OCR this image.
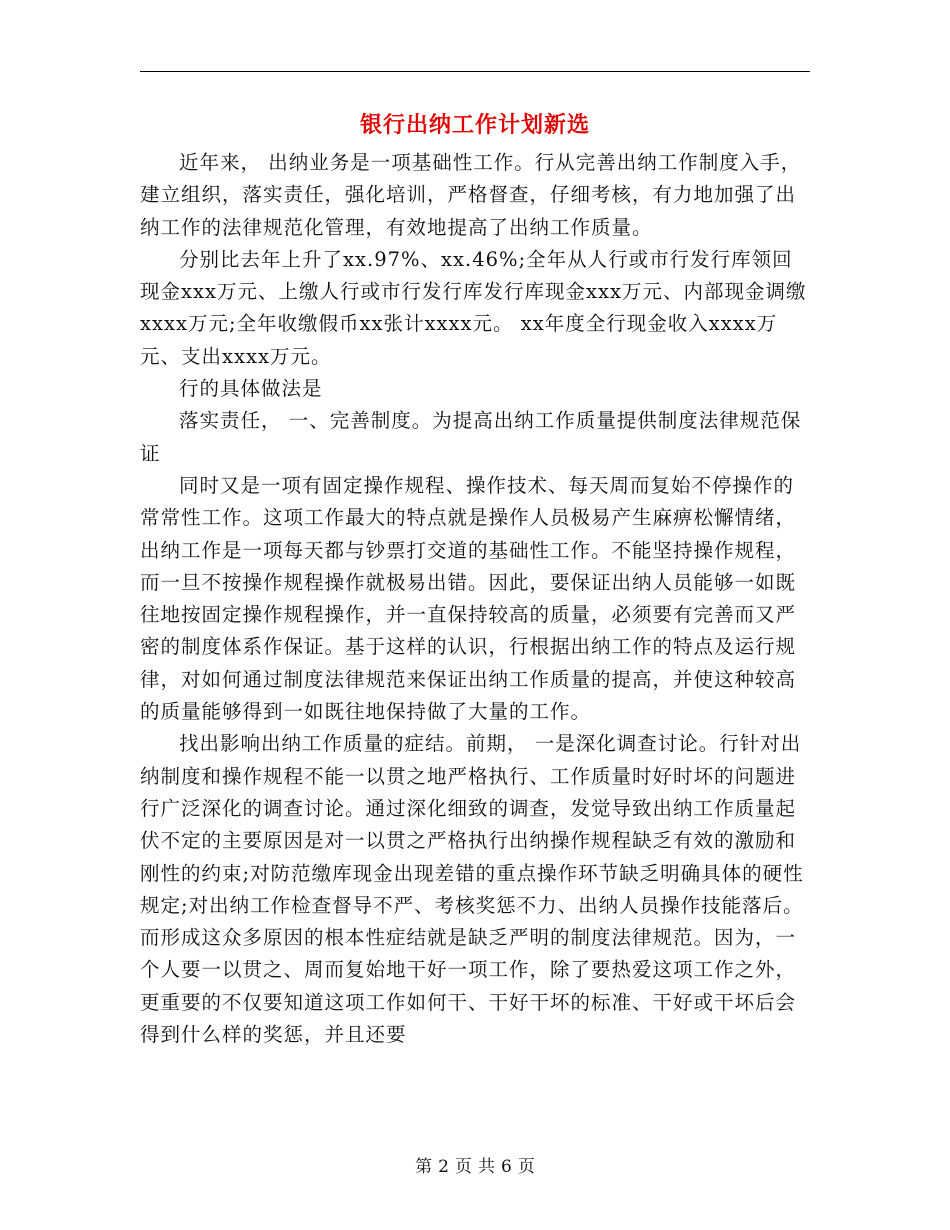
银行出纳工作计划新选

近年来， 出纳业务是一项基础性工作。行从完善出纳工作制度入手，建立组织，落实责任，强化培训，严格督查，仔细考核，有力地加强了出纳工作的法律规范化管理，有效地提高了出纳工作质量。

分别比去年上升了xx.97%、xx.46%;全年从人行或市行发行库领回现金xxx万元、上缴人行或市行发行库发行库现金xxx万元、内部现金调缴xxxx万元;全年收缴假币xx张计xxxx元。 xx年度全行现金收入xxxx万元、支出xxxx万元。

行的具体做法是

落实责任， 一、完善制度。为提高出纳工作质量提供制度法律规范保证

同时又是一项有固定操作规程、操作技术、每天周而复始不停操作的常常性工作。这项工作最大的特点就是操作人员极易产生麻痹松懈情绪， 出纳工作是一项每天都与钞票打交道的基础性工作。不能坚持操作规程，而一旦不按操作规程操作就极易出错。因此，要保证出纳人员能够一如既往地按固定操作规程操作，并一直保持较高的质量，必须要有完善而又严密的制度体系作保证。基于这样的认识，行根据出纳工作的特点及运行规律，对如何通过制度法律规范来保证出纳工作质量的提高，并使这种较高的质量能够得到一如既往地保持做了大量的工作。

找出影响出纳工作质量的症结。前期， 一是深化调查讨论。行针对出纳制度和操作规程不能一以贯之地严格执行、工作质量时好时坏的问题进行广泛深化的调查讨论。通过深化细致的调查，发觉导致出纳工作质量起伏不定的主要原因是对一以贯之严格执行出纳操作规程缺乏有效的激励和刚性的约束;对防范缴库现金出现差错的重点操作环节缺乏明确具体的硬性规定;对出纳工作检查督导不严、考核奖惩不力、出纳人员操作技能落后。而形成这众多原因的根本性症结就是缺乏严明的制度法律规范。因为，一个人要一以贯之、周而复始地干好一项工作，除了要热爱这项工作之外，更重要的不仅要知道这项工作如何干、干好干坏的标准、干好或干坏后会得到什么样的奖惩，并且还要

第 2 页 共 6 页
